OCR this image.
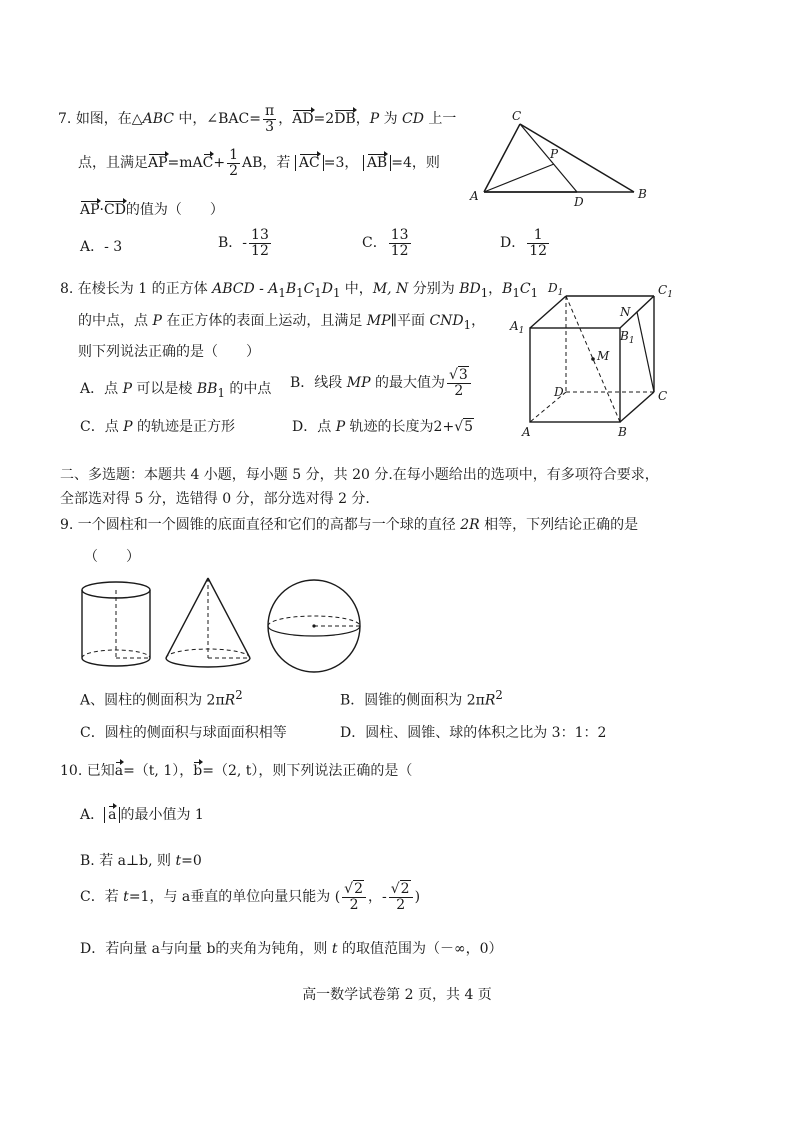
7. 如图，在△ABC 中，∠BAC= $\frac{\pi}{3}$ ，AD=2DB，P 为 CD 上一
点，且满足$AP=mAC+ \frac{1}{2}$ AB，若 AC =3， AB =4，则
AP·CD的值为（　　）
A．- 3	B．- $\frac{13}{12}$	C． $\frac{13}{12}$	D． $\frac{1}{12}$
C
P
A	D
B
8. 在棱长为 1 的正方体 ABCD - $A_1B_1C_1D_1$ 中，M, N 分别为 $BD_1$，$B_1C_1$
的中点，点 P 在正方体的表面上运动，且满足 MP∥平面 $CND_1$，
则下列说法正确的是（　　）
A．点 P 可以是棱 $BB_1$ 的中点 B．线段 MP 的最大值为 $\frac{√3}{2}$
C．点 P 的轨迹是正方形	D．点 P 轨迹的长度为2+√5
$D_1$	$C_1$
$A_1$
N
$B_1$
M
D	C
A	B
二、多选题：本题共 4 小题，每小题 5 分，共 20 分.在每小题给出的选项中，有多项符合要求，
全部选对得 5 分，选错得 0 分，部分选对得 2 分.
9. 一个圆柱和一个圆锥的底面直径和它们的高都与一个球的直径 2R 相等，下列结论正确的是
（　　）
A、圆柱的侧面积为 $2\pi R^2$	B．圆锥的侧面积为 $2\pi R^2$
C．圆柱的侧面积与球面面积相等	D．圆柱、圆锥、球的体积之比为 3：1：2
10. 已知a=（t, 1），b=（2, t），则下列说法正确的是（
A． a 的最小值为 1
B. 若 a⊥b, 则 t=0
C．若 t=1，与 a垂直的单位向量只能为 ( $\frac{√2}{2}$ ，- $\frac{√2}{2}$ )
D．若向量 a与向量 b的夹角为钝角，则 t 的取值范围为（－∞，0）
高一数学试卷第 2 页，共 4 页
